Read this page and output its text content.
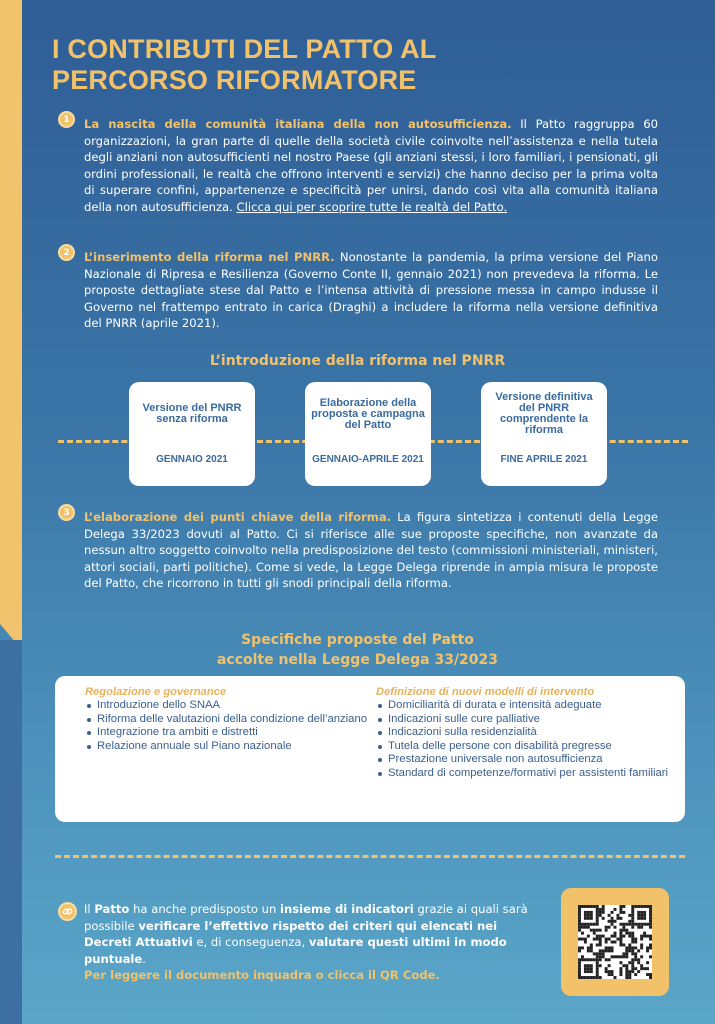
I CONTRIBUTI DEL PATTO AL
PERCORSO RIFORMATORE
1	La nascita della comunità italiana della non autosufficienza. Il Patto raggruppa 60 organizzazioni, la gran parte di quelle della società civile coinvolte nell’assistenza e nella tutela degli anziani non autosufficienti nel nostro Paese (gli anziani stessi, i loro familiari, i pensionati, gli ordini professionali, le realtà che offrono interventi e servizi) che hanno deciso per la prima volta di superare confini, appartenenze e specificità per unirsi, dando così vita alla comunità italiana della non autosufficienza. Clicca qui per scoprire tutte le realtà del Patto.

2	L’inserimento della riforma nel PNRR. Nonostante la pandemia, la prima versione del Piano Nazionale di Ripresa e Resilienza (Governo Conte II, gennaio 2021) non prevedeva la riforma. Le proposte dettagliate stese dal Patto e l’intensa attività di pressione messa in campo indusse il Governo nel frattempo entrato in carica (Draghi) a includere la riforma nella versione definitiva del PNRR (aprile 2021).

L’introduzione della riforma nel PNRR
Versione del PNRR senza riforma
GENNAIO 2021
Elaborazione della proposta e campagna del Patto
GENNAIO-APRILE 2021
Versione definitiva del PNRR comprendente la riforma
FINE APRILE 2021
3	L’elaborazione dei punti chiave della riforma. La figura sintetizza i contenuti della Legge Delega 33/2023 dovuti al Patto. Ci si riferisce alle sue proposte specifiche, non avanzate da nessun altro soggetto coinvolto nella predisposizione del testo (commissioni ministeriali, ministeri, attori sociali, parti politiche). Come si vede, la Legge Delega riprende in ampia misura le proposte del Patto, che ricorrono in tutti gli snodi principali della riforma.

Specifiche proposte del Patto
accolte nella Legge Delega 33/2023
Regolazione e governance
Introduzione dello SNAA
Riforma delle valutazioni della condizione dell’anziano
Integrazione tra ambiti e distretti
Relazione annuale sul Piano nazionale
Definizione di nuovi modelli di intervento
Domiciliarità di durata e intensità adeguate
Indicazioni sulle cure palliative
Indicazioni sulla residenzialità
Tutela delle persone con disabilità pregresse
Prestazione universale non autosufficienza
Standard di competenze/formativi per assistenti familiari

Il Patto ha anche predisposto un insieme di indicatori grazie ai quali sarà possibile verificare l’effettivo rispetto dei criteri qui elencati nei Decreti Attuativi e, di conseguenza, valutare questi ultimi in modo puntuale.
Per leggere il documento inquadra o clicca il QR Code.
